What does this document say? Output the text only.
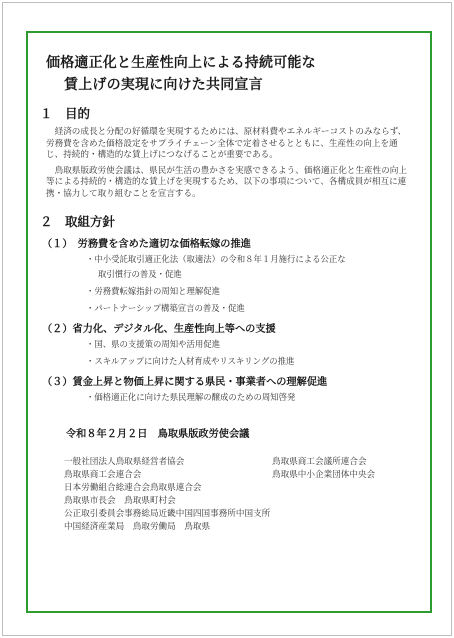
価格適正化と生産性向上による持続可能な
賃上げの実現に向けた共同宣言
１　目的
経済の成長と分配の好循環を実現するためには、原材料費やエネルギーコストのみならず、労務費を含めた価格設定をサプライチェーン全体で定着させるとともに、生産性の向上を通じ、持続的・構造的な賃上げにつなげることが重要である。
鳥取県版政労使会議は、県民が生活の豊かさを実感できるよう、価格適正化と生産性の向上等による持続的・構造的な賃上げを実現するため、以下の事項について、各構成員が相互に連携・協力して取り組むことを宣言する。
２　取組方針
（１）　労務費を含めた適切な価格転嫁の推進
・中小受託取引適正化法（取適法）の令和８年１月施行による公正な
取引慣行の普及・促進
・労務費転嫁指針の周知と理解促進
・パートナーシップ構築宣言の普及・促進
（２）省力化、デジタル化、生産性向上等への支援
・国、県の支援策の周知や活用促進
・スキルアップに向けた人材育成やリスキリングの推進
（３）賃金上昇と物価上昇に関する県民・事業者への理解促進
・価格適正化に向けた県民理解の醸成のための周知啓発
令和８年２月２日　鳥取県版政労使会議
一般社団法人鳥取県経営者協会	鳥取県商工会議所連合会
鳥取県商工会連合会	鳥取県中小企業団体中央会
日本労働組合総連合会鳥取県連合会
鳥取県市長会　鳥取県町村会
公正取引委員会事務総局近畿中国四国事務所中国支所
中国経済産業局　鳥取労働局　鳥取県
